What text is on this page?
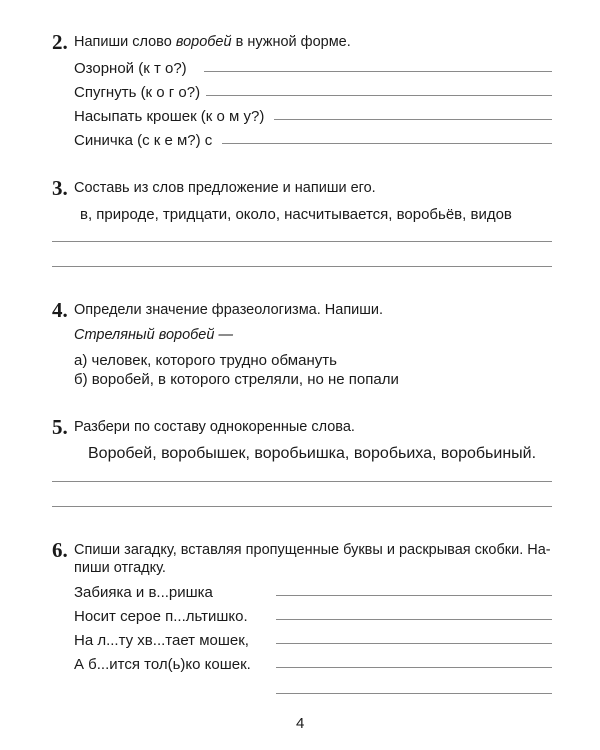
2. Напиши слово воробей в нужной форме.
Озорной (к т о?)
Спугнуть (к о г о?)
Насыпать крошек (к о м у?)
Синичка (с к е м?) с
3. Составь из слов предложение и напиши его.
в, природе, тридцати, около, насчитывается, воробьёв, видов
4. Определи значение фразеологизма. Напиши.
Стреляный воробей —
а) человек, которого трудно обмануть
б) воробей, в которого стреляли, но не попали
5. Разбери по составу однокоренные слова.
Воробей, воробышек, воробьишка, воробьиха, воробьиный.
6. Спиши загадку, вставляя пропущенные буквы и раскрывая скобки. На-
пиши отгадку.
Забияка и в...ришка
Носит серое п...льтишко.
На л...ту хв...тает мошек,
А б...ится тол(ь)ко кошек.
4
